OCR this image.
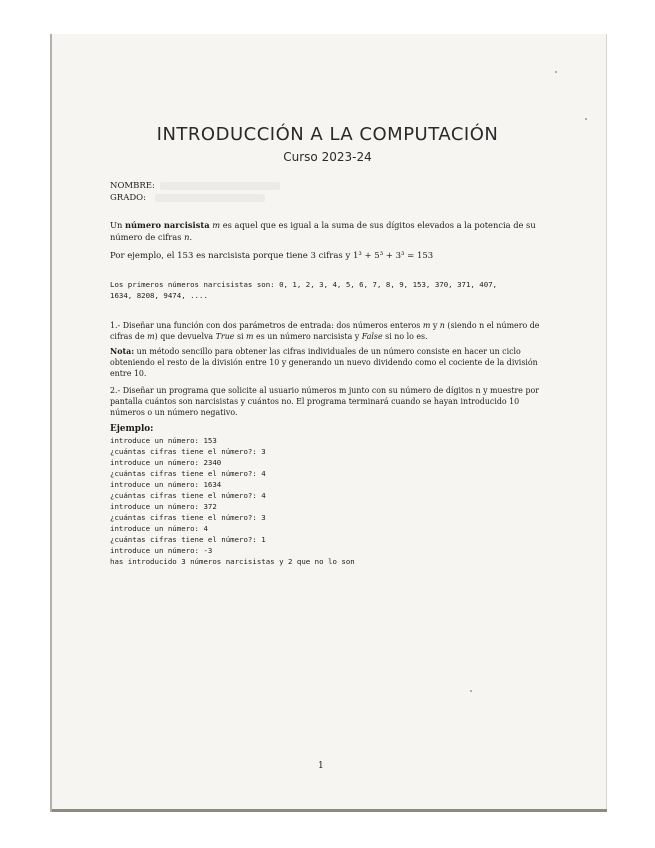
INTRODUCCIÓN A LA COMPUTACIÓN
Curso 2023-24
NOMBRE:
GRADO:
Un número narcisista m es aquel que es igual a la suma de sus dígitos elevados a la potencia de su número de cifras n.
Por ejemplo, el 153 es narcisista porque tiene 3 cifras y 1³ + 5³ + 3³ = 153
Los primeros números narcisistas son: 0, 1, 2, 3, 4, 5, 6, 7, 8, 9, 153, 370, 371, 407,
1634, 8208, 9474, ....
1.- Diseñar una función con dos parámetros de entrada: dos números enteros m y n (siendo n el número de cifras de m) que devuelva True si m es un número narcisista y False si no lo es.
Nota: un método sencillo para obtener las cifras individuales de un número consiste en hacer un ciclo obteniendo el resto de la división entre 10 y generando un nuevo dividendo como el cociente de la división entre 10.
2.- Diseñar un programa que solicite al usuario números m junto con su número de dígitos n y muestre por pantalla cuántos son narcisistas y cuántos no. El programa terminará cuando se hayan introducido 10 números o un número negativo.
Ejemplo:
introduce un número: 153
¿cuántas cifras tiene el número?: 3
introduce un número: 2340
¿cuántas cifras tiene el número?: 4
introduce un número: 1634
¿cuántas cifras tiene el número?: 4
introduce un número: 372
¿cuántas cifras tiene el número?: 3
introduce un número: 4
¿cuántas cifras tiene el número?: 1
introduce un número: -3
has introducido 3 números narcisistas y 2 que no lo son
1
